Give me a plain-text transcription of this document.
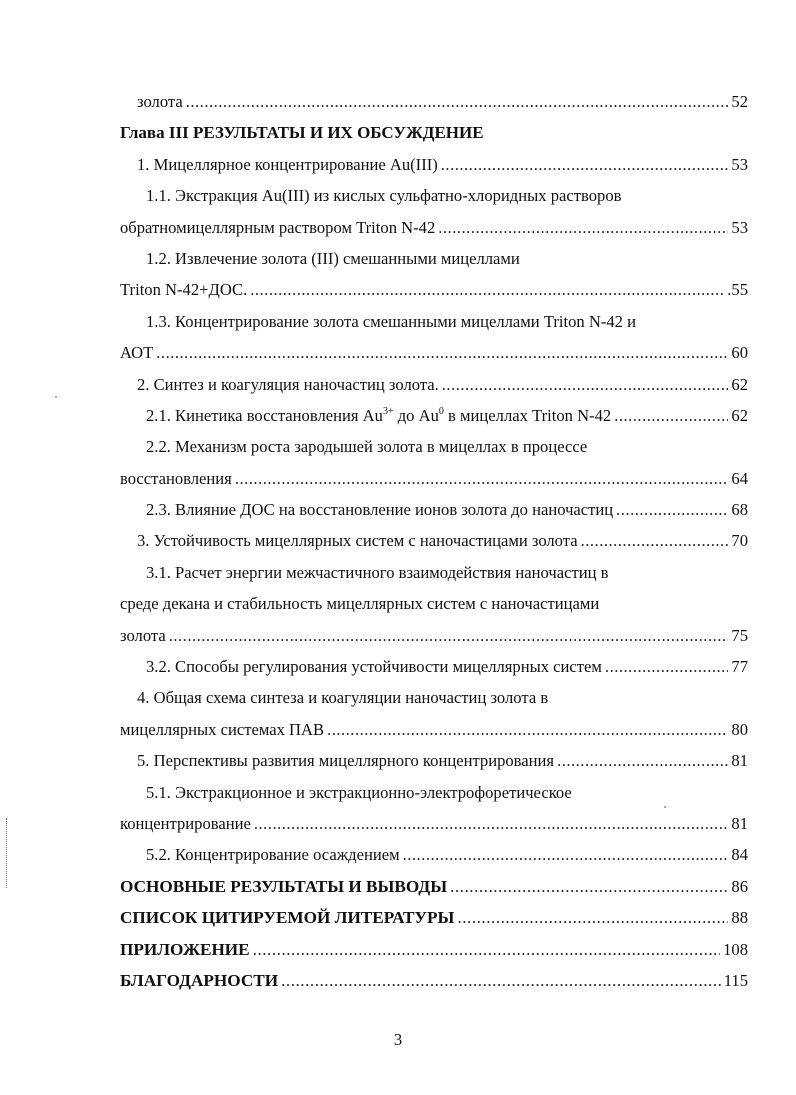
золота .....	52
Глава III РЕЗУЛЬТАТЫ И ИХ ОБСУЖДЕНИЕ
1. Мицеллярное концентрирование Au(III) .....	53
1.1. Экстракция Au(III) из кислых сульфатно-хлоридных растворов
обратномицеллярным раствором Triton N-42 .....	53
1.2. Извлечение золота (III) смешанными мицеллами
Triton N-42+ДОС. .....	.55
1.3. Концентрирование золота смешанными мицеллами Triton N-42 и
АОТ .....	60
2. Синтез и коагуляция наночастиц золота. .....	62
2.1. Кинетика восстановления $Au^{3+}$ до Au$^0$ в мицеллах Triton N-42 .....	62
2.2. Механизм роста зародышей золота в мицеллах в процессе
восстановления .....	64
2.3. Влияние ДОС на восстановление ионов золота до наночастиц .....	68
3. Устойчивость мицеллярных систем с наночастицами золота .....	70
3.1. Расчет энергии межчастичного взаимодействия наночастиц в
среде декана и стабильность мицеллярных систем с наночастицами
золота .....	75
3.2. Способы регулирования устойчивости мицеллярных систем .....	77
4. Общая схема синтеза и коагуляции наночастиц золота в
мицеллярных системах ПАВ .....	80
5. Перспективы развития мицеллярного концентрирования .....	81
5.1. Экстракционное и экстракционно-электрофоретическое
концентрирование .....	81
5.2. Концентрирование осаждением .....	84
ОСНОВНЫЕ РЕЗУЛЬТАТЫ И ВЫВОДЫ .....	86
СПИСОК ЦИТИРУЕМОЙ ЛИТЕРАТУРЫ .....	88
ПРИЛОЖЕНИЕ .....	108
БЛАГОДАРНОСТИ .....	115
3
